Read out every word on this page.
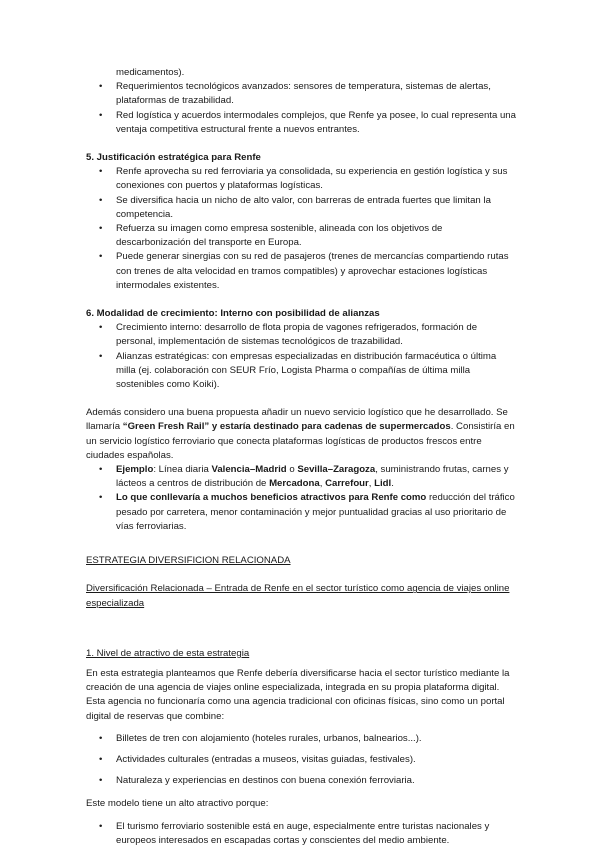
medicamentos).

• Requerimientos tecnológicos avanzados: sensores de temperatura, sistemas de alertas, plataformas de trazabilidad.
• Red logística y acuerdos intermodales complejos, que Renfe ya posee, lo cual representa una ventaja competitiva estructural frente a nuevos entrantes.

5. Justificación estratégica para Renfe

• Renfe aprovecha su red ferroviaria ya consolidada, su experiencia en gestión logística y sus conexiones con puertos y plataformas logísticas.
• Se diversifica hacia un nicho de alto valor, con barreras de entrada fuertes que limitan la competencia.
• Refuerza su imagen como empresa sostenible, alineada con los objetivos de descarbonización del transporte en Europa.
• Puede generar sinergias con su red de pasajeros (trenes de mercancías compartiendo rutas con trenes de alta velocidad en tramos compatibles) y aprovechar estaciones logísticas intermodales existentes.

6. Modalidad de crecimiento: Interno con posibilidad de alianzas

• Crecimiento interno: desarrollo de flota propia de vagones refrigerados, formación de personal, implementación de sistemas tecnológicos de trazabilidad.
• Alianzas estratégicas: con empresas especializadas en distribución farmacéutica o última milla (ej. colaboración con SEUR Frío, Logista Pharma o compañías de última milla sostenibles como Koiki).

Además considero una buena propuesta añadir un nuevo servicio logístico que he desarrollado. Se llamaría “Green Fresh Rail” y estaría destinado para cadenas de supermercados. Consistiría en un servicio logístico ferroviario que conecta plataformas logísticas de productos frescos entre ciudades españolas.

• Ejemplo: Línea diaria Valencia–Madrid o Sevilla–Zaragoza, suministrando frutas, carnes y lácteos a centros de distribución de Mercadona, Carrefour, Lidl.
• Lo que conllevaría a muchos beneficios atractivos para Renfe como reducción del tráfico pesado por carretera, menor contaminación y mejor puntualidad gracias al uso prioritario de vías ferroviarias.

ESTRATEGIA DIVERSIFICION RELACIONADA

Diversificación Relacionada – Entrada de Renfe en el sector turístico como agencia de viajes online especializada

1. Nivel de atractivo de esta estrategia

En esta estrategia planteamos que Renfe debería diversificarse hacia el sector turístico mediante la creación de una agencia de viajes online especializada, integrada en su propia plataforma digital. Esta agencia no funcionaría como una agencia tradicional con oficinas físicas, sino como un portal digital de reservas que combine:

• Billetes de tren con alojamiento (hoteles rurales, urbanos, balnearios...).
• Actividades culturales (entradas a museos, visitas guiadas, festivales).
• Naturaleza y experiencias en destinos con buena conexión ferroviaria.

Este modelo tiene un alto atractivo porque:

• El turismo ferroviario sostenible está en auge, especialmente entre turistas nacionales y europeos interesados en escapadas cortas y conscientes del medio ambiente.
